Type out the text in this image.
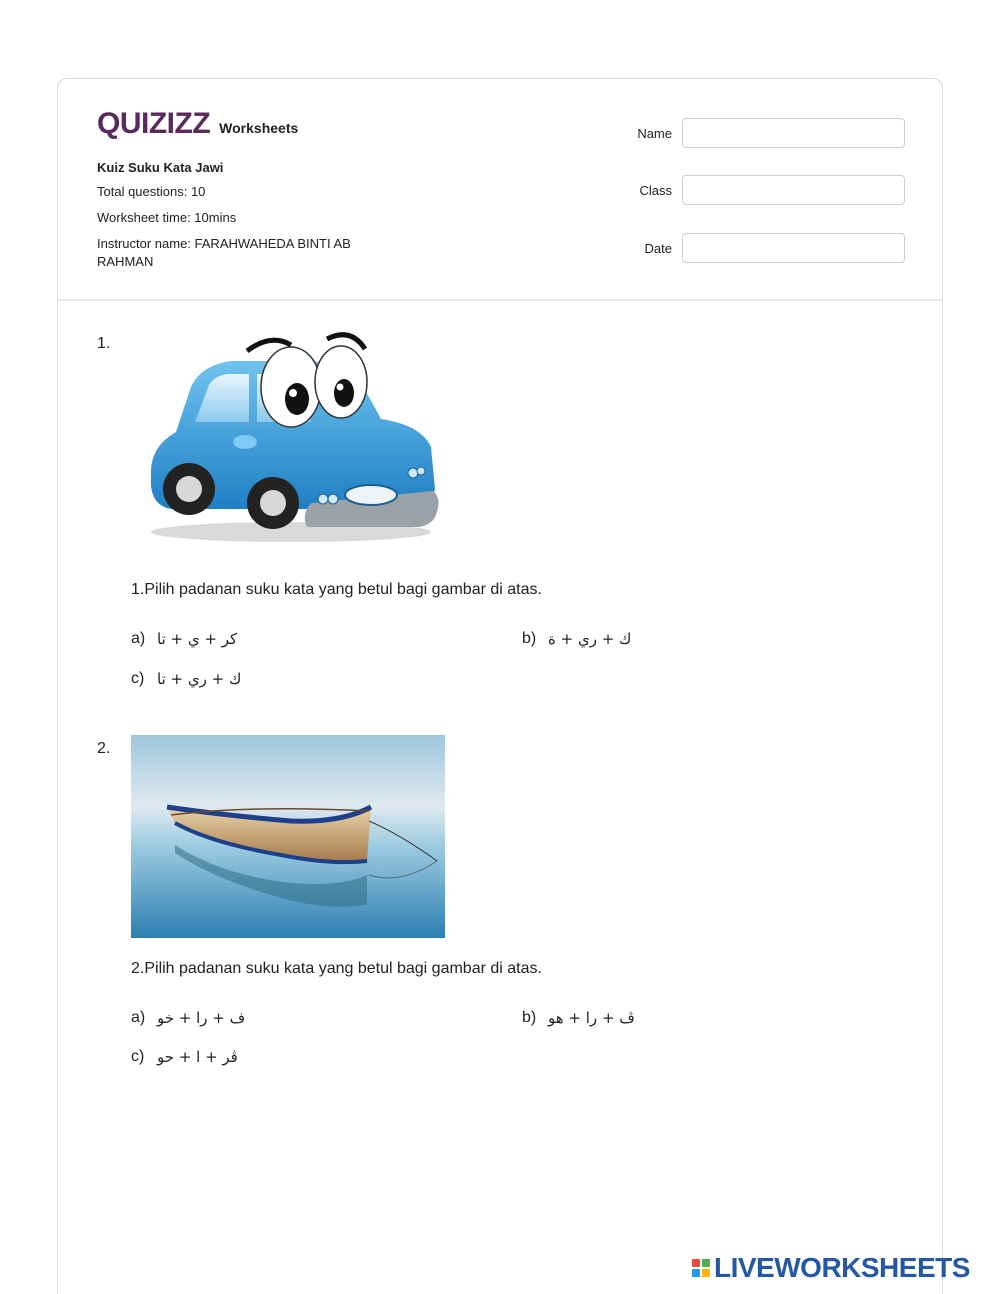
QUIZIZZ Worksheets
Kuiz Suku Kata Jawi
Total questions: 10
Worksheet time: 10mins
Instructor name: FARAHWAHEDA BINTI AB RAHMAN
Name
Class
Date
1.
1.Pilih padanan suku kata yang betul bagi gambar di atas.
a) كر + ي + تا	b) ك + ري + ة
c) ك + ري + تا
2.
2.Pilih padanan suku kata yang betul bagi gambar di atas.
a) ف + را + خو	b) ڤ + را + هو
c) ڤر + ا + حو
LIVEWORKSHEETS
